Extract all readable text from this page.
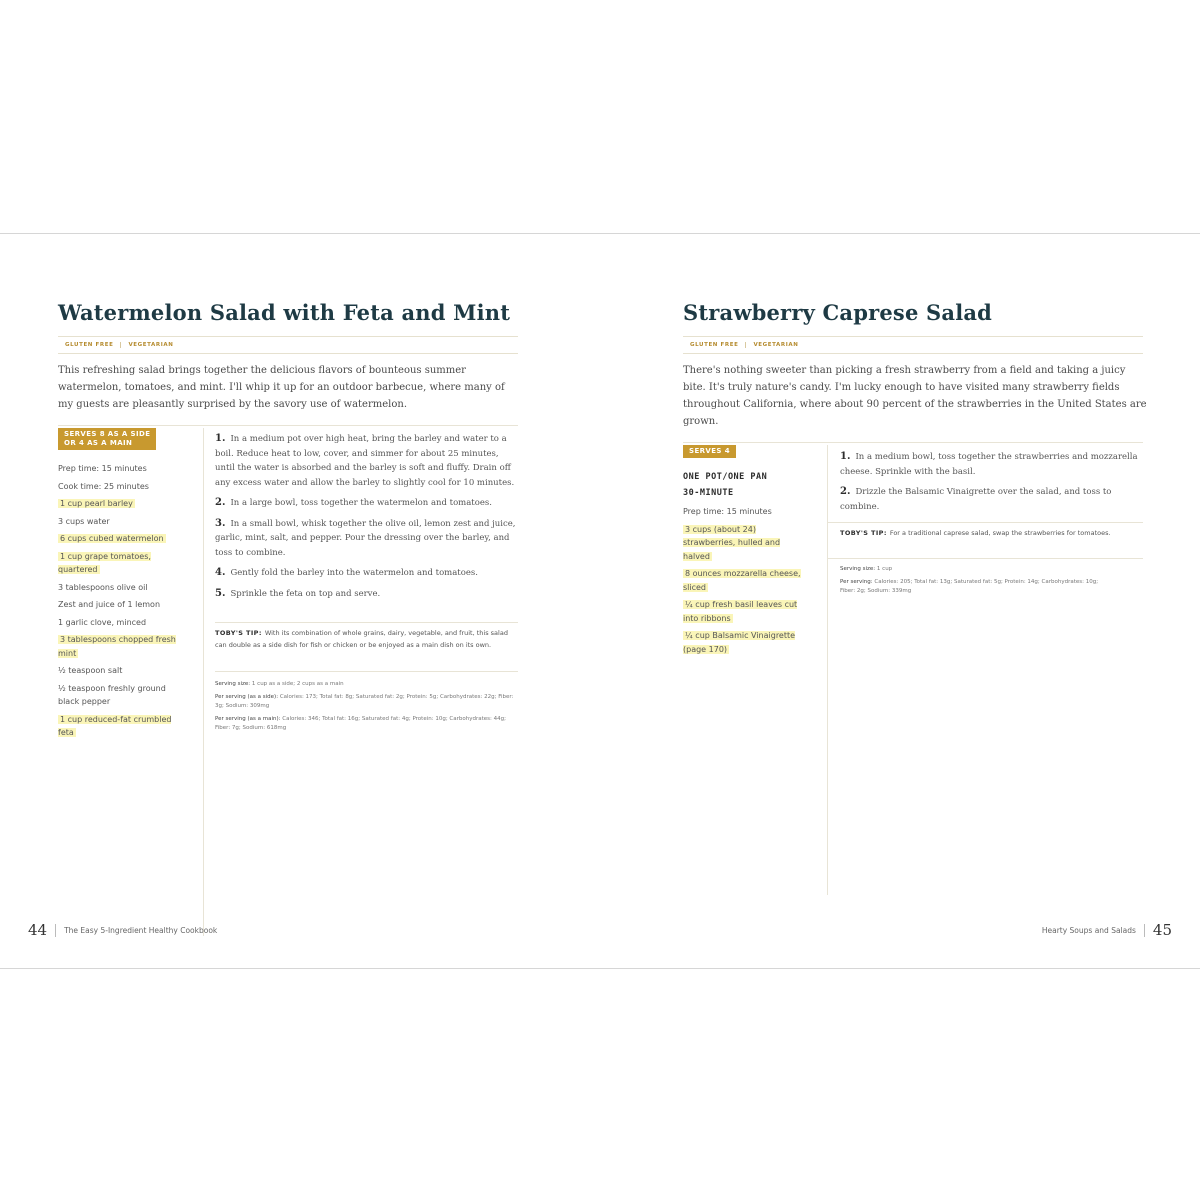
Watermelon Salad with Feta and Mint
GLUTEN FREE	VEGETARIAN
This refreshing salad brings together the delicious flavors of bounteous summer watermelon, tomatoes, and mint. I'll whip it up for an outdoor barbecue, where many of my guests are pleasantly surprised by the savory use of watermelon.
SERVES 8 AS A SIDE
OR 4 AS A MAIN
Prep time: 15 minutes
Cook time: 25 minutes
1 cup pearl barley
3 cups water
6 cups cubed watermelon
1 cup grape tomatoes, quartered
3 tablespoons olive oil
Zest and juice of 1 lemon
1 garlic clove, minced
3 tablespoons chopped fresh mint
½ teaspoon salt
½ teaspoon freshly ground black pepper
1 cup reduced-fat crumbled feta
1. In a medium pot over high heat, bring the barley and water to a boil. Reduce heat to low, cover, and simmer for about 25 minutes, until the water is absorbed and the barley is soft and fluffy. Drain off any excess water and allow the barley to slightly cool for 10 minutes.
2. In a large bowl, toss together the watermelon and tomatoes.
3. In a small bowl, whisk together the olive oil, lemon zest and juice, garlic, mint, salt, and pepper. Pour the dressing over the barley, and toss to combine.
4. Gently fold the barley into the watermelon and tomatoes.
5. Sprinkle the feta on top and serve.
TOBY'S TIP: With its combination of whole grains, dairy, vegetable, and fruit, this salad can double as a side dish for fish or chicken or be enjoyed as a main dish on its own.

Serving size: 1 cup as a side; 2 cups as a main

Per serving (as a side): Calories: 173; Total fat: 8g; Saturated fat: 2g; Protein: 5g; Carbohydrates: 22g; Fiber: 3g; Sodium: 309mg

Per serving (as a main): Calories: 346; Total fat: 16g; Saturated fat: 4g; Protein: 10g; Carbohydrates: 44g; Fiber: 7g; Sodium: 618mg

44 The Easy 5-Ingredient Healthy Cookbook
Strawberry Caprese Salad
GLUTEN FREE	VEGETARIAN
There's nothing sweeter than picking a fresh strawberry from a field and taking a juicy bite. It's truly nature's candy. I'm lucky enough to have visited many strawberry fields throughout California, where about 90 percent of the strawberries in the United States are grown.
SERVES 4
ONE POT/ONE PAN
30-MINUTE
Prep time: 15 minutes
3 cups (about 24) strawberries, hulled and halved
8 ounces mozzarella cheese, sliced
¼ cup fresh basil leaves cut into ribbons
¼ cup Balsamic Vinaigrette (page 170)
1. In a medium bowl, toss together the strawberries and mozzarella cheese. Sprinkle with the basil.
2. Drizzle the Balsamic Vinaigrette over the salad, and toss to combine.
TOBY'S TIP: For a traditional caprese salad, swap the strawberries for tomatoes.

Serving size: 1 cup

Per serving: Calories: 205; Total fat: 13g; Saturated fat: 5g; Protein: 14g; Carbohydrates: 10g; Fiber: 2g; Sodium: 339mg

Hearty Soups and Salads 45
